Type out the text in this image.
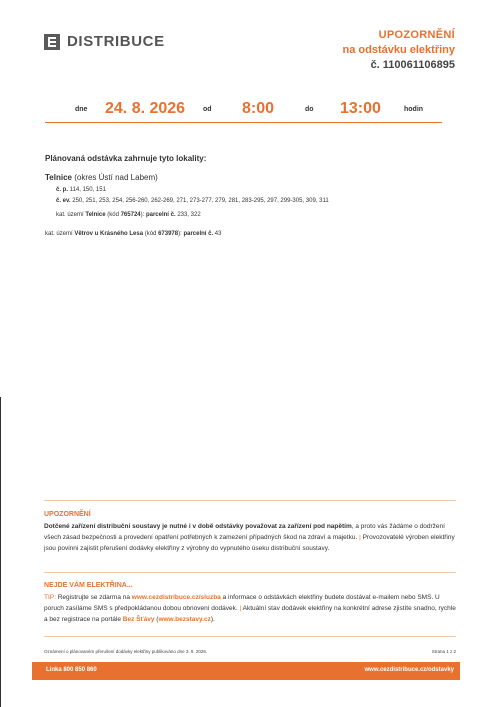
DISTRIBUCE	UPOZORNĚNÍ
na odstávku elektřiny
č. 110061106895
dne 24. 8. 2026	od 8:00	do 13:00	hodin
Plánovaná odstávka zahrnuje tyto lokality:
Telnice (okres Ústí nad Labem)
č. p. 114, 150, 151
č. ev. 250, 251, 253, 254, 256-260, 262-269, 271, 273-277, 279, 281, 283-295, 297, 299-305, 309, 311
kat. území Telnice (kód 765724): parcelní č. 233, 322
kat. území Větrov u Krásného Lesa (kód 673978): parcelní č. 43
UPOZORNĚNÍ
Dotčené zařízení distribuční soustavy je nutné i v době odstávky považovat za zařízení pod napětím, a proto vás žádáme o dodržení všech zásad bezpečnosti a provedení opatření potřebných k zamezení případných škod na zdraví a majetku. | Provozovatelé výroben elektřiny jsou povinni zajistit přerušení dodávky elektřiny z výrobny do vypnutého úseku distribuční soustavy.
NEJDE VÁM ELEKTŘINA...
TIP: Registrujte se zdarma na www.cezdistribuce.cz/sluzba a informace o odstávkách elektřiny budete dostávat e-mailem nebo SMS. U poruch zasíláme SMS s předpokládanou dobou obnovení dodávek. | Aktuální stav dodávek elektřiny na konkrétní adrese zjistíte snadno, rychle a bez registrace na portále Bez Šťávy (www.bezstavy.cz).
Oznámení o plánovaném přerušení dodávky elektřiny publikováno dne 3. 8. 2026.	Strana 1 z 2
Linka 800 850 860	www.cezdistribuce.cz/odstavky
